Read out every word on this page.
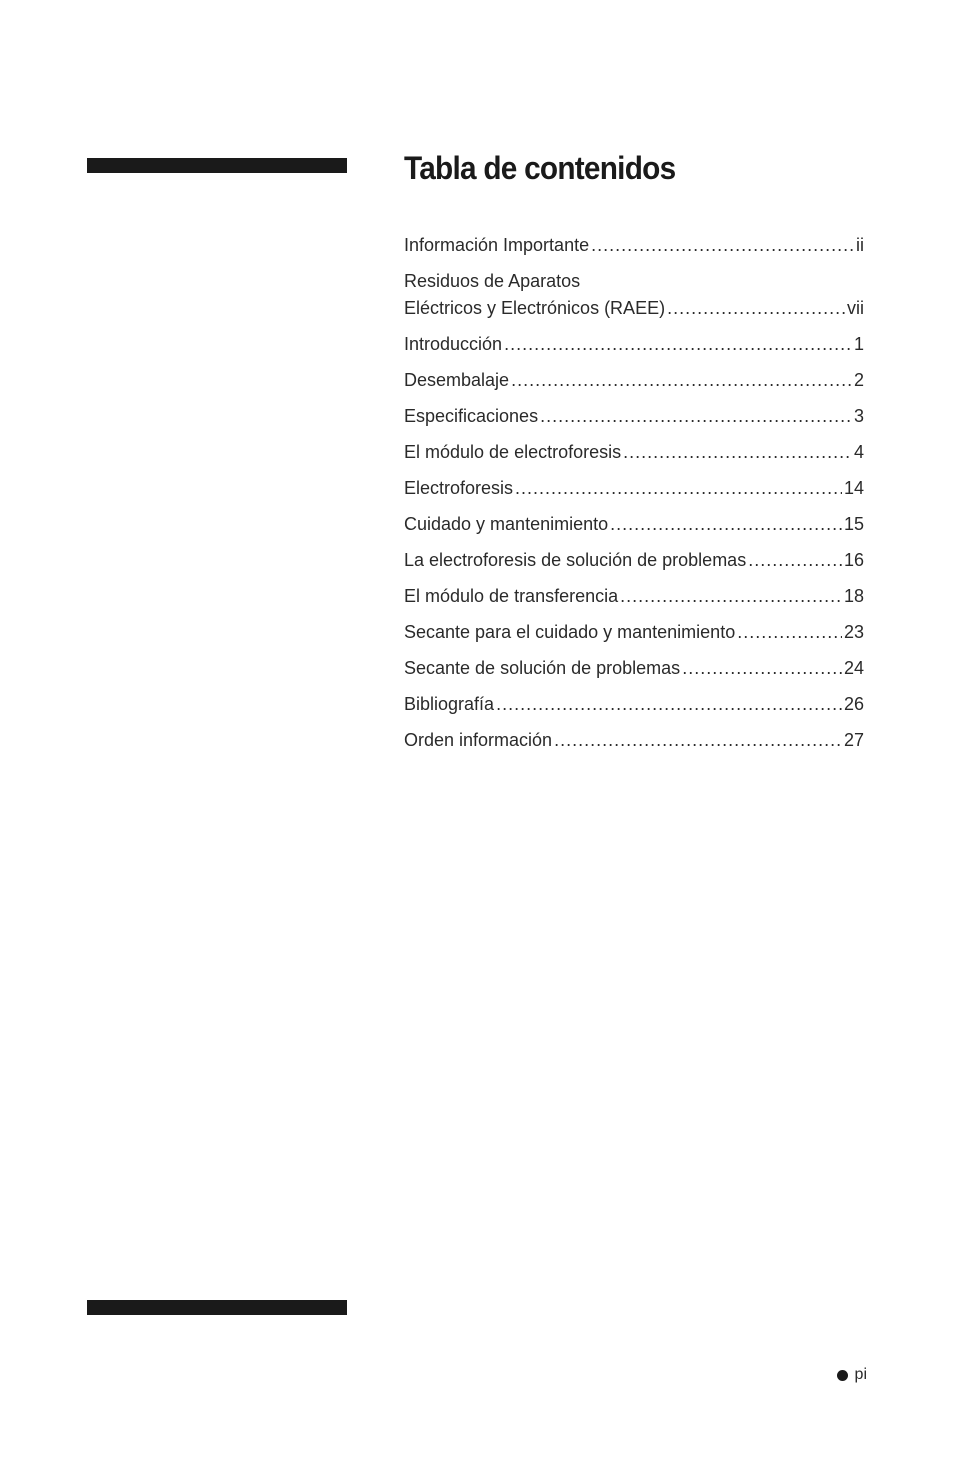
Tabla de contenidos
Información Importante .....	ii
Residuos de Aparatos
Eléctricos y Electrónicos (RAEE) .....	vii
Introducción .....	1
Desembalaje .....	2
Especificaciones .....	3
El módulo de electroforesis .....	4
Electroforesis .....	14
Cuidado y mantenimiento .....	15
La electroforesis de solución de problemas .....	16
El módulo de transferencia .....	18
Secante para el cuidado y mantenimiento .....	23
Secante de solución de problemas .....	24
Bibliografía .....	26
Orden información .....	27
pi
